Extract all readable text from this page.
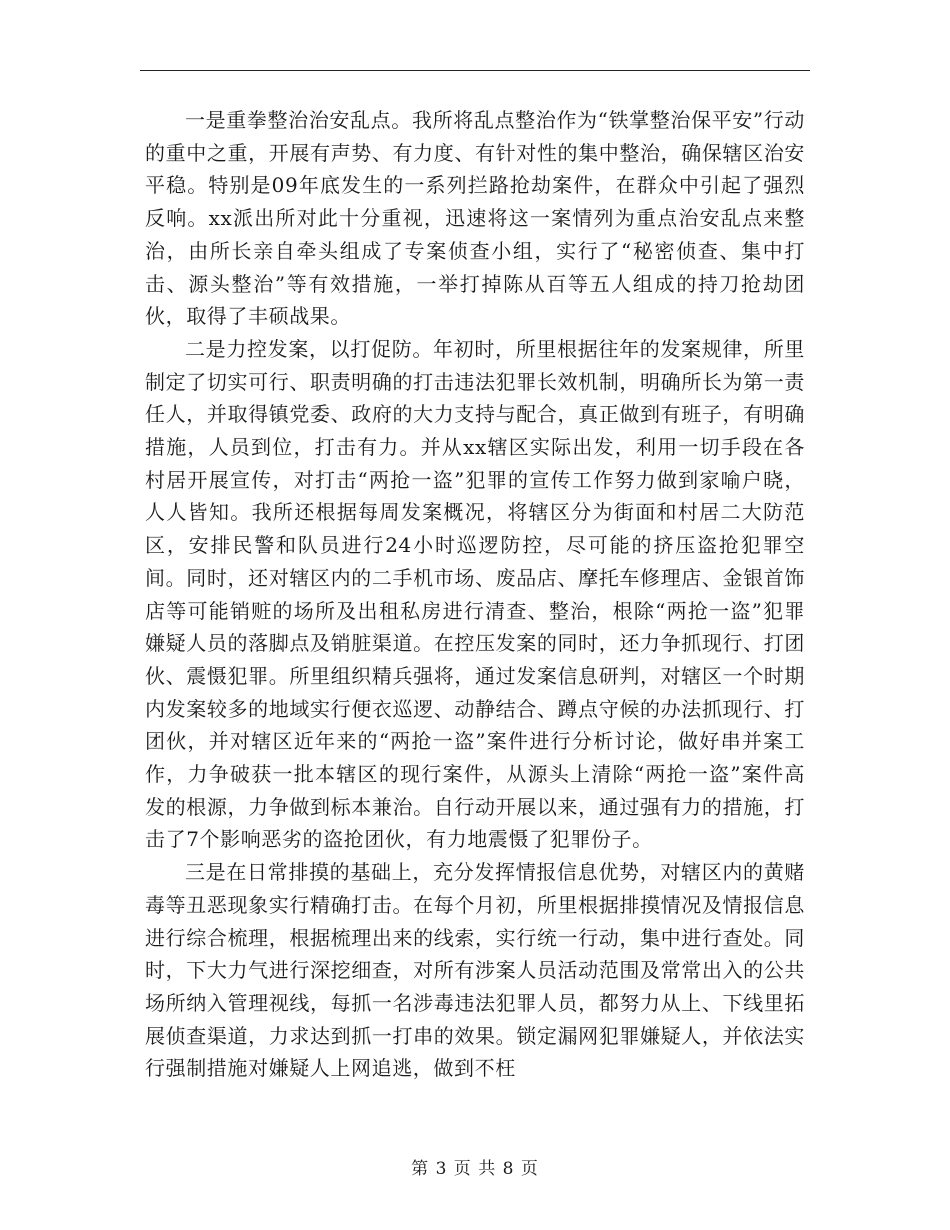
一是重拳整治治安乱点。我所将乱点整治作为“铁掌整治保平安”行动的重中之重，开展有声势、有力度、有针对性的集中整治，确保辖区治安平稳。特别是09年底发生的一系列拦路抢劫案件，在群众中引起了强烈反响。xx派出所对此十分重视，迅速将这一案情列为重点治安乱点来整治，由所长亲自牵头组成了专案侦查小组，实行了“秘密侦查、集中打击、源头整治”等有效措施，一举打掉陈从百等五人组成的持刀抢劫团伙，取得了丰硕战果。

二是力控发案，以打促防。年初时，所里根据往年的发案规律，所里制定了切实可行、职责明确的打击违法犯罪长效机制，明确所长为第一责任人，并取得镇党委、政府的大力支持与配合，真正做到有班子，有明确措施，人员到位，打击有力。并从xx辖区实际出发，利用一切手段在各村居开展宣传，对打击“两抢一盗”犯罪的宣传工作努力做到家喻户晓，人人皆知。我所还根据每周发案概况，将辖区分为街面和村居二大防范区，安排民警和队员进行24小时巡逻防控，尽可能的挤压盗抢犯罪空间。同时，还对辖区内的二手机市场、废品店、摩托车修理店、金银首饰店等可能销赃的场所及出租私房进行清查、整治，根除“两抢一盗”犯罪嫌疑人员的落脚点及销脏渠道。在控压发案的同时，还力争抓现行、打团伙、震慑犯罪。所里组织精兵强将，通过发案信息研判，对辖区一个时期内发案较多的地域实行便衣巡逻、动静结合、蹲点守候的办法抓现行、打团伙，并对辖区近年来的“两抢一盗”案件进行分析讨论，做好串并案工作，力争破获一批本辖区的现行案件，从源头上清除“两抢一盗”案件高发的根源，力争做到标本兼治。自行动开展以来，通过强有力的措施，打击了7个影响恶劣的盗抢团伙，有力地震慑了犯罪份子。

三是在日常排摸的基础上，充分发挥情报信息优势，对辖区内的黄赌毒等丑恶现象实行精确打击。在每个月初，所里根据排摸情况及情报信息进行综合梳理，根据梳理出来的线索，实行统一行动，集中进行查处。同时，下大力气进行深挖细查，对所有涉案人员活动范围及常常出入的公共场所纳入管理视线，每抓一名涉毒违法犯罪人员，都努力从上、下线里拓展侦查渠道，力求达到抓一打串的效果。锁定漏网犯罪嫌疑人，并依法实行强制措施对嫌疑人上网追逃，做到不枉

第 3 页 共 8 页
